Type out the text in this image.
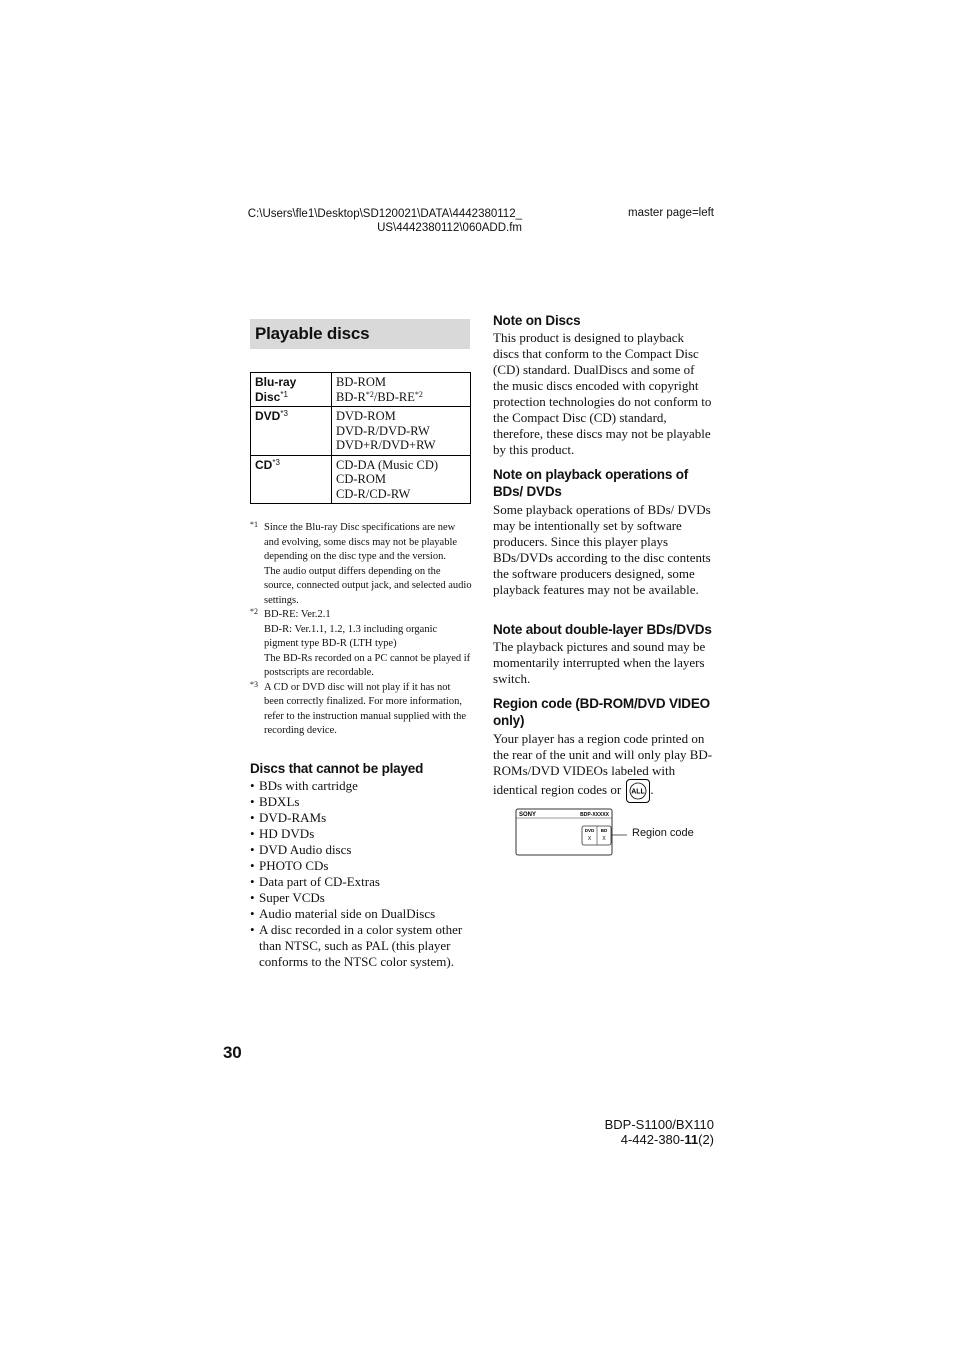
C:\Users\fle1\Desktop\SD120021\DATA\4442380112_
US\4442380112\060ADD.fm
master page=left
Playable discs
Blu-ray Disc$^{*1}$	BD-ROM
$BD-R^{*2}/BD-RE^{*2}$

DVD$^{*3}$	DVD-ROM
DVD-R/DVD-RW
DVD+R/DVD+RW

CD$^{*3}$	CD-DA (Music CD)
CD-ROM
CD-R/CD-RW
*1 Since the Blu-ray Disc specifications are new and evolving, some discs may not be playable depending on the disc type and the version.
The audio output differs depending on the source, connected output jack, and selected audio settings.
*2 BD-RE: Ver.2.1
BD-R: Ver.1.1, 1.2, 1.3 including organic pigment type BD-R (LTH type)
The BD-Rs recorded on a PC cannot be played if postscripts are recordable.
*3 A CD or DVD disc will not play if it has not been correctly finalized. For more information, refer to the instruction manual supplied with the recording device.
Discs that cannot be played
• BDs with cartridge
• BDXLs
• DVD-RAMs
• HD DVDs
• DVD Audio discs
• PHOTO CDs
• Data part of CD-Extras
• Super VCDs
• Audio material side on DualDiscs
• A disc recorded in a color system other than NTSC, such as PAL (this player conforms to the NTSC color system).
Note on Discs
This product is designed to playback discs that conform to the Compact Disc (CD) standard. DualDiscs and some of the music discs encoded with copyright protection technologies do not conform to the Compact Disc (CD) standard, therefore, these discs may not be playable by this product.
Note on playback operations of BDs/ DVDs
Some playback operations of BDs/ DVDs may be intentionally set by software producers. Since this player plays BDs/DVDs according to the disc contents the software producers designed, some playback features may not be available.
Note about double-layer BDs/DVDs
The playback pictures and sound may be momentarily interrupted when the layers switch.
Region code (BD-ROM/DVD VIDEO only)
Your player has a region code printed on the rear of the unit and will only play BD-ROMs/DVD VIDEOs labeled with identical region codes or ALL .
SONY	BDP-XXXXX
DVD BD
X X Region code
30
BDP-S1100/BX110
4-442-380-11(2)
